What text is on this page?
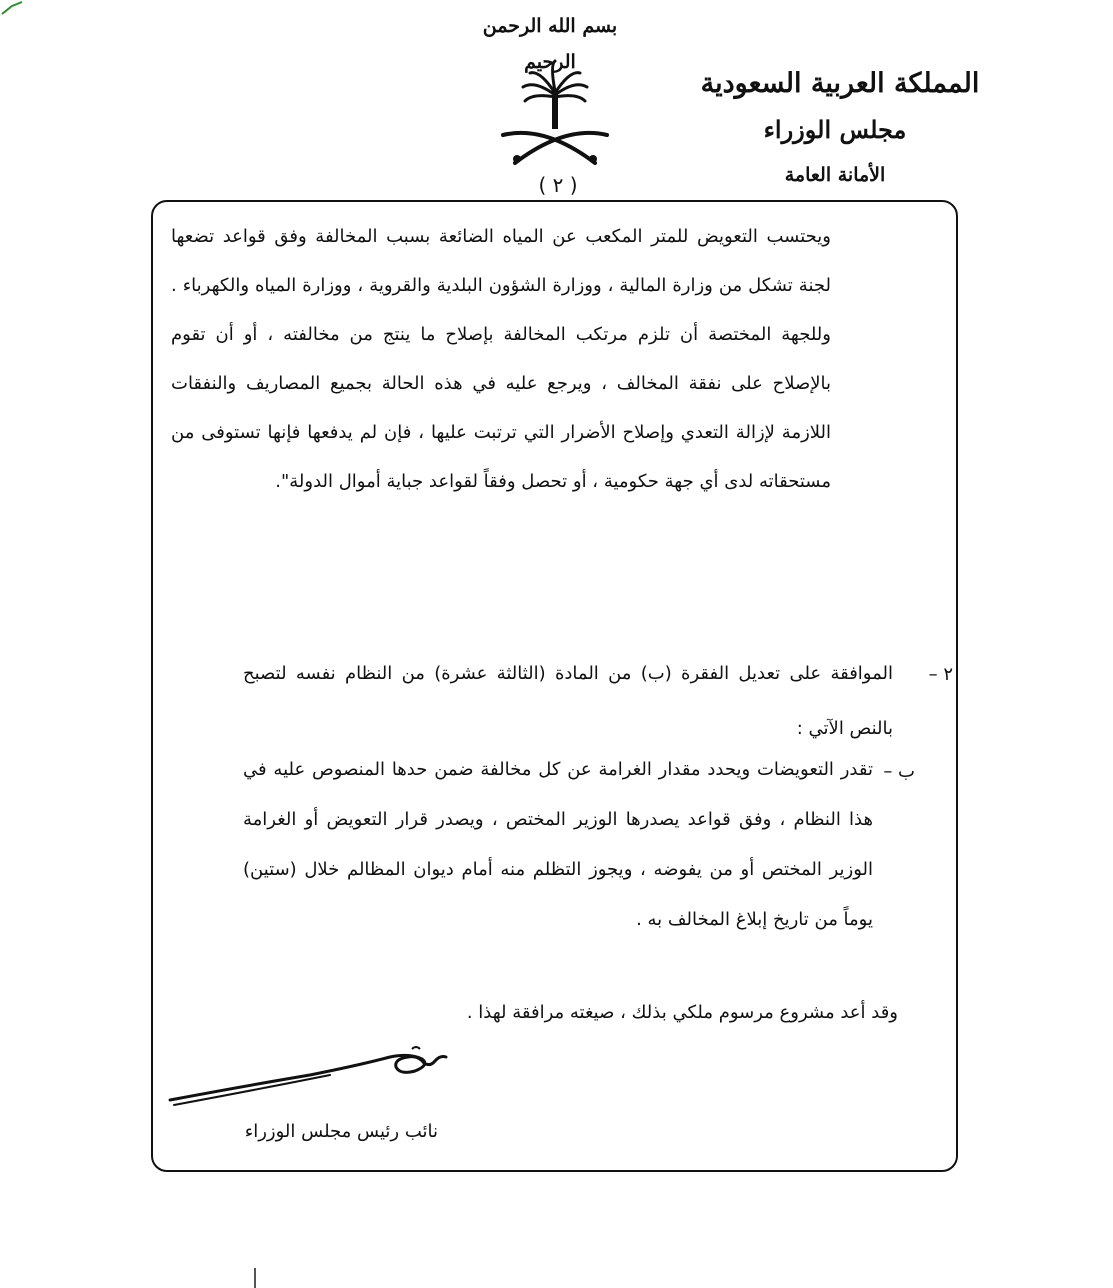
بسم الله الرحمن الرحيم
( ٢ )
المملكة العربية السعودية
مجلس الوزراء
الأمانة العامة
ويحتسب التعويض للمتر المكعب عن المياه الضائعة بسبب المخالفة وفق قواعد تضعها لجنة تشكل من وزارة المالية ، ووزارة الشؤون البلدية والقروية ، ووزارة المياه والكهرباء . وللجهة المختصة أن تلزم مرتكب المخالفة بإصلاح ما ينتج من مخالفته ، أو أن تقوم بالإصلاح على نفقة المخالف ، ويرجع عليه في هذه الحالة بجميع المصاريف والنفقات اللازمة لإزالة التعدي وإصلاح الأضرار التي ترتبت عليها ، فإن لم يدفعها فإنها تستوفى من مستحقاته لدى أي جهة حكومية ، أو تحصل وفقاً لقواعد جباية أموال الدولة".
٢ –
الموافقة على تعديل الفقرة (ب) من المادة (الثالثة عشرة) من النظام نفسه لتصبح بالنص الآتي :
ب –
تقدر التعويضات ويحدد مقدار الغرامة عن كل مخالفة ضمن حدها المنصوص عليه في هذا النظام ، وفق قواعد يصدرها الوزير المختص ، ويصدر قرار التعويض أو الغرامة الوزير المختص أو من يفوضه ، ويجوز التظلم منه أمام ديوان المظالم خلال (ستين) يوماً من تاريخ إبلاغ المخالف به .
وقد أعد مشروع مرسوم ملكي بذلك ، صيغته مرافقة لهذا .
نائب رئيس مجلس الوزراء
